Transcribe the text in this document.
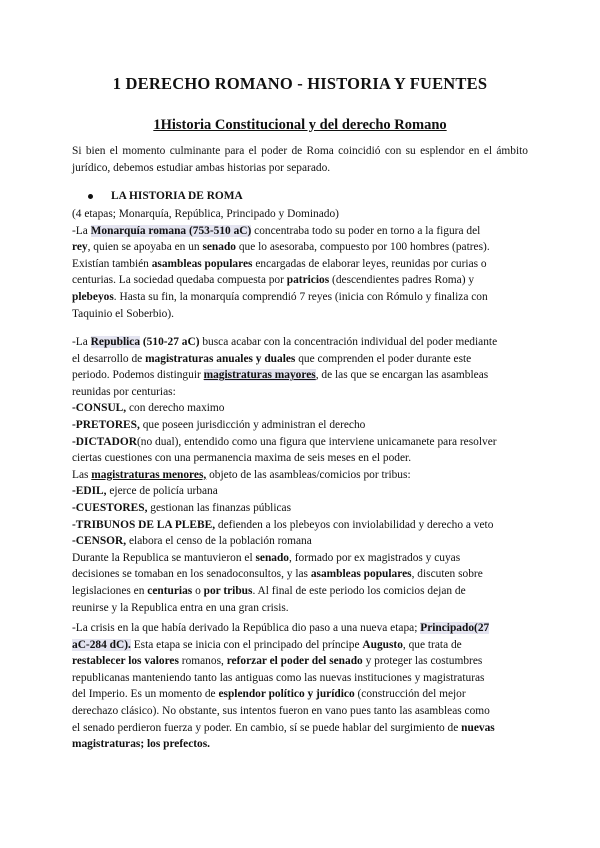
1 DERECHO ROMANO - HISTORIA Y FUENTES
1Historia Constitucional y del derecho Romano

Si bien el momento culminante para el poder de Roma coincidió con su esplendor en el ámbito jurídico, debemos estudiar ambas historias por separado.

LA HISTORIA DE ROMA
(4 etapas; Monarquía, República, Principado y Dominado)
-La Monarquía romana (753-510 aC) concentraba todo su poder en torno a la figura del
rey, quien se apoyaba en un senado que lo asesoraba, compuesto por 100 hombres (patres).
Existían también asambleas populares encargadas de elaborar leyes, reunidas por curias o
centurias. La sociedad quedaba compuesta por patricios (descendientes padres Roma) y
plebeyos. Hasta su fin, la monarquía comprendió 7 reyes (inicia con Rómulo y finaliza con
Taquinio el Soberbio).
-La Republica (510-27 aC) busca acabar con la concentración individual del poder mediante
el desarrollo de magistraturas anuales y duales que comprenden el poder durante este
periodo. Podemos distinguir magistraturas mayores, de las que se encargan las asambleas
reunidas por centurias:
-CONSUL, con derecho maximo
-PRETORES, que poseen jurisdicción y administran el derecho
-DICTADOR(no dual), entendido como una figura que interviene unicamanete para resolver
ciertas cuestiones con una permanencia maxima de seis meses en el poder.
Las magistraturas menores, objeto de las asambleas/comicios por tribus:
-EDIL, ejerce de policía urbana
-CUESTORES, gestionan las finanzas públicas
-TRIBUNOS DE LA PLEBE, defienden a los plebeyos con inviolabilidad y derecho a veto
-CENSOR, elabora el censo de la población romana
Durante la Republica se mantuvieron el senado, formado por ex magistrados y cuyas
decisiones se tomaban en los senadoconsultos, y las asambleas populares, discuten sobre
legislaciones en centurias o por tribus. Al final de este periodo los comicios dejan de
reunirse y la Republica entra en una gran crisis.
-La crisis en la que había derivado la República dio paso a una nueva etapa; Principado(27
aC-284 dC). Esta etapa se inicia con el principado del príncipe Augusto, que trata de
restablecer los valores romanos, reforzar el poder del senado y proteger las costumbres
republicanas manteniendo tanto las antiguas como las nuevas instituciones y magistraturas
del Imperio. Es un momento de esplendor político y jurídico (construcción del mejor
derechazo clásico). No obstante, sus intentos fueron en vano pues tanto las asambleas como
el senado perdieron fuerza y poder. En cambio, sí se puede hablar del surgimiento de nuevas
magistraturas; los prefectos.
